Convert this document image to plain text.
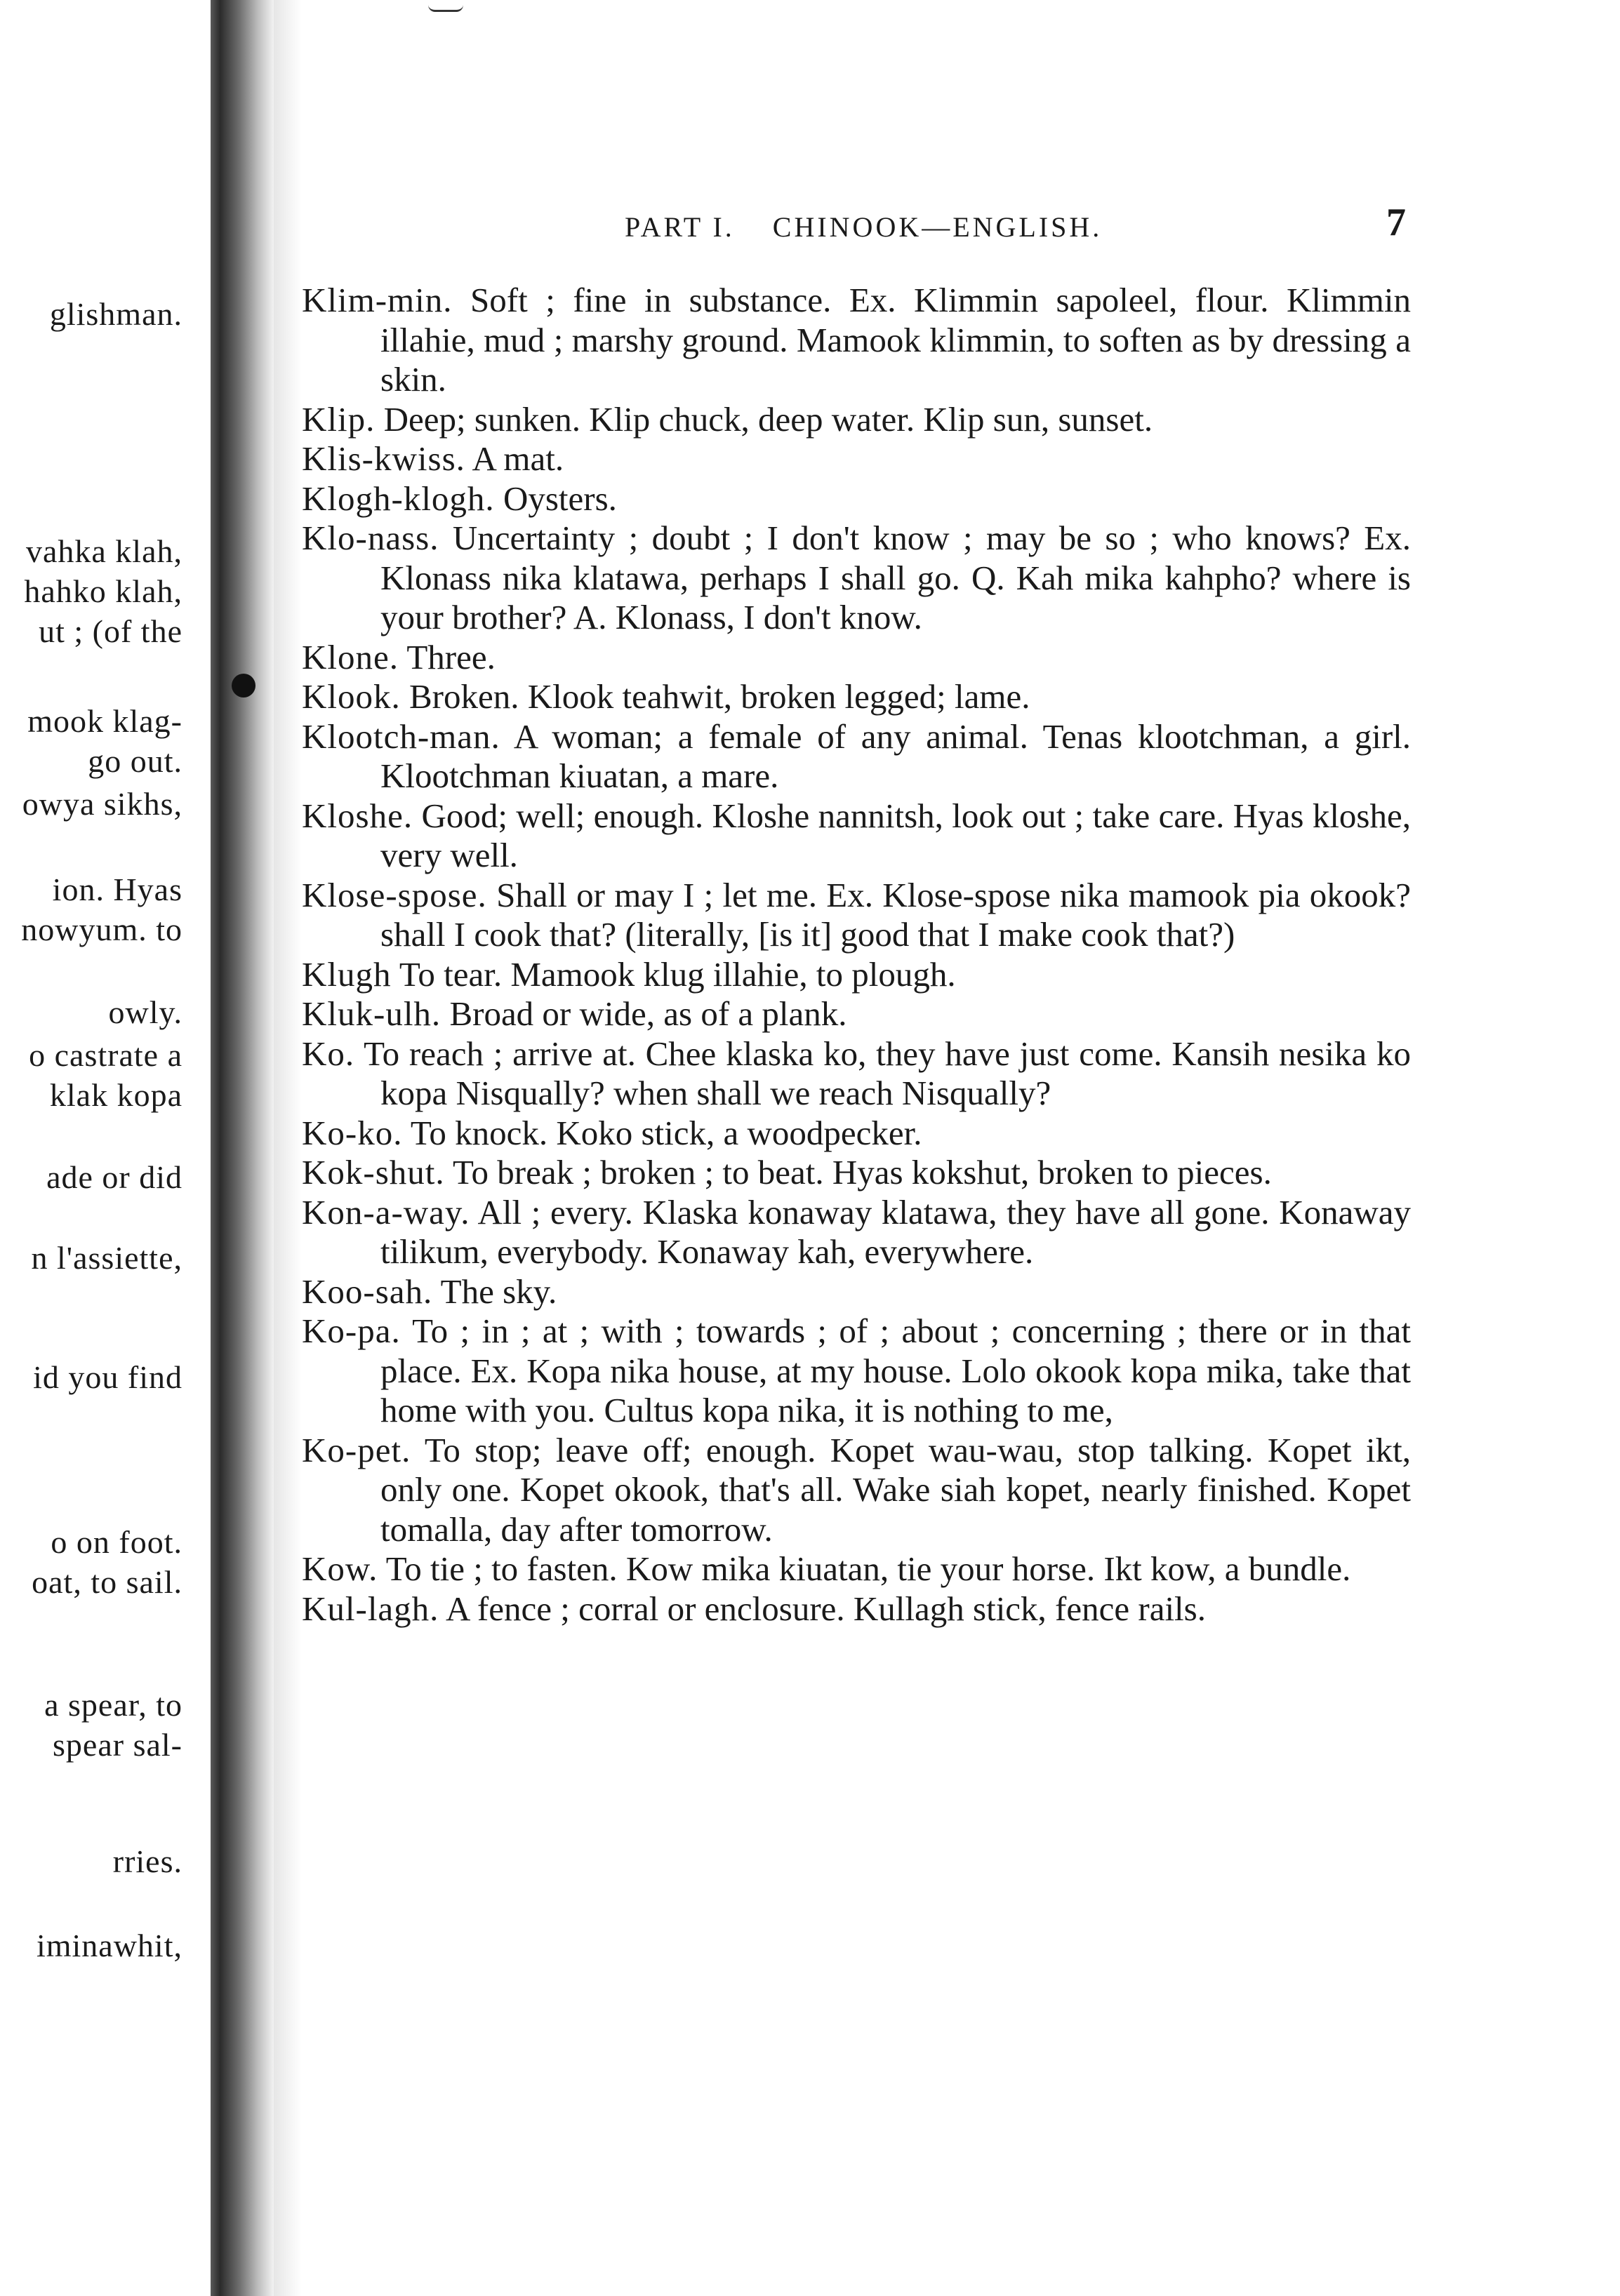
glishman.
vahka klah,
hahko klah,
ut ; (of the
mook klag-
go out.
owya sikhs,
ion. Hyas
nowyum. to
owly.
o castrate a
klak kopa
ade or did
n l'assiette,
id you find
o on foot.
oat, to sail.
a spear, to
spear sal-
rries.
iminawhit,
PART I. CHINOOK—ENGLISH.	7

Klim-min. Soft ; fine in substance. Ex. Klimmin sapoleel, flour. Klimmin illahie, mud ; marshy ground. Mamook klimmin, to soften as by dressing a skin.

Klip. Deep; sunken. Klip chuck, deep water. Klip sun, sunset.

Klis-kwiss. A mat.

Klogh-klogh. Oysters.

Klo-nass. Uncertainty ; doubt ; I don't know ; may be so ; who knows? Ex. Klonass nika klatawa, perhaps I shall go. Q. Kah mika kahpho? where is your brother? A. Klonass, I don't know.

Klone. Three.

Klook. Broken. Klook teahwit, broken legged; lame.

Klootch-man. A woman; a female of any animal. Tenas klootchman, a girl. Klootchman kiuatan, a mare.

Kloshe. Good; well; enough. Kloshe nannitsh, look out ; take care. Hyas kloshe, very well.

Klose-spose. Shall or may I ; let me. Ex. Klose-spose nika mamook pia okook? shall I cook that? (literally, [is it] good that I make cook that?)

Klugh To tear. Mamook klug illahie, to plough.

Kluk-ulh. Broad or wide, as of a plank.

Ko. To reach ; arrive at. Chee klaska ko, they have just come. Kansih nesika ko kopa Nisqually? when shall we reach Nisqually?

Ko-ko. To knock. Koko stick, a woodpecker.

Kok-shut. To break ; broken ; to beat. Hyas kokshut, broken to pieces.

Kon-a-way. All ; every. Klaska konaway klatawa, they have all gone. Konaway tilikum, everybody. Konaway kah, everywhere.

Koo-sah. The sky.

Ko-pa. To ; in ; at ; with ; towards ; of ; about ; concerning ; there or in that place. Ex. Kopa nika house, at my house. Lolo okook kopa mika, take that home with you. Cultus kopa nika, it is nothing to me,

Ko-pet. To stop; leave off; enough. Kopet wau-wau, stop talking. Kopet ikt, only one. Kopet okook, that's all. Wake siah kopet, nearly finished. Kopet tomalla, day after tomorrow.

Kow. To tie ; to fasten. Kow mika kiuatan, tie your horse. Ikt kow, a bundle.

Kul-lagh. A fence ; corral or enclosure. Kullagh stick, fence rails.
